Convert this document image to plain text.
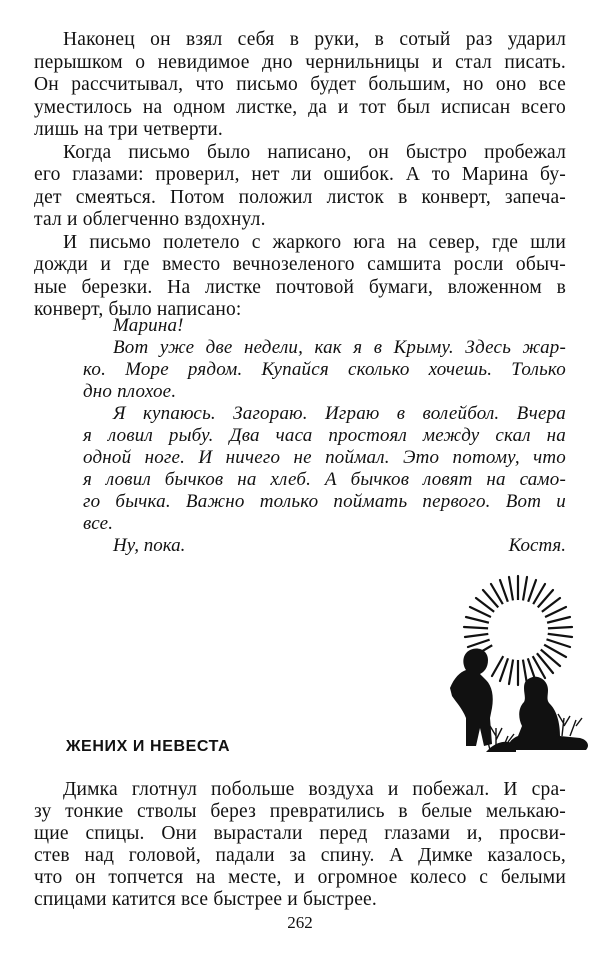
Наконец он взял себя в руки, в сотый раз ударил
перышком о невидимое дно чернильницы и стал писать.
Он рассчитывал, что письмо будет большим, но оно все
уместилось на одном листке, да и тот был исписан всего
лишь на три четверти.
Когда письмо было написано, он быстро пробежал
его глазами: проверил, нет ли ошибок. А то Марина бу-
дет смеяться. Потом положил листок в конверт, запеча-
тал и облегченно вздохнул.
И письмо полетело с жаркого юга на север, где шли
дожди и где вместо вечнозеленого самшита росли обыч-
ные березки. На листке почтовой бумаги, вложенном в
конверт, было написано:
Марина!
Вот уже две недели, как я в Крыму. Здесь жар-
ко. Море рядом. Купайся сколько хочешь. Только
дно плохое.
Я купаюсь. Загораю. Играю в волейбол. Вчера
я ловил рыбу. Два часа простоял между скал на
одной ноге. И ничего не поймал. Это потому, что
я ловил бычков на хлеб. А бычков ловят на само-
го бычка. Важно только поймать первого. Вот и
все.
Ну, пока.	Костя.
ЖЕНИХ И НЕВЕСТА
Димка глотнул побольше воздуха и побежал. И сра-
зу тонкие стволы берез превратились в белые мелькаю-
щие спицы. Они вырастали перед глазами и, просви-
стев над головой, падали за спину. А Димке казалось,
что он топчется на месте, и огромное колесо с белыми
спицами катится все быстрее и быстрее.
262
